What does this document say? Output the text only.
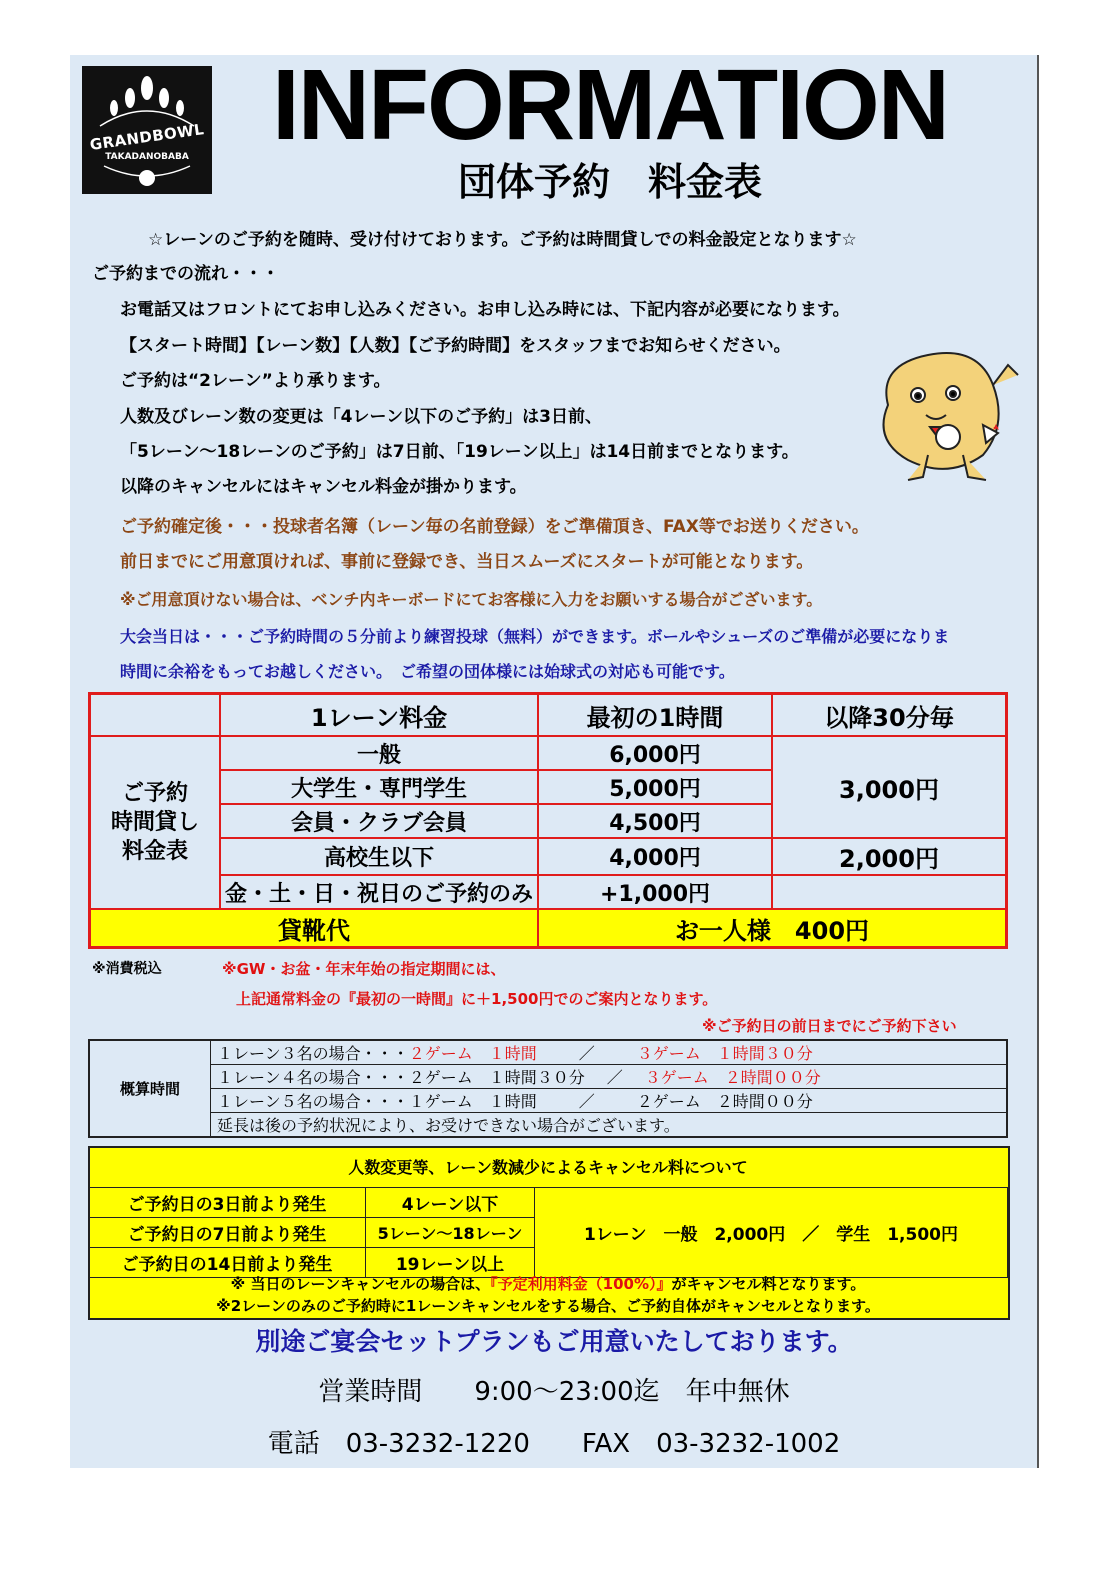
GRANDBOWL
TAKADANOBABA INFORMATION
団体予約　料金表
☆レーンのご予約を随時、受け付けております。ご予約は時間貸しでの料金設定となります☆
ご予約までの流れ・・・
お電話又はフロントにてお申し込みください。お申し込み時には、下記内容が必要になります。
【スタート時間】【レーン数】【人数】【ご予約時間】をスタッフまでお知らせください。
ご予約は“2レーン”より承ります。
人数及びレーン数の変更は「4レーン以下のご予約」は3日前、
「5レーン～18レーンのご予約」は7日前、「19レーン以上」は14日前までとなります。
以降のキャンセルにはキャンセル料金が掛かります。
ご予約確定後・・・投球者名簿（レーン毎の名前登録）をご準備頂き、FAX等でお送りください。
前日までにご用意頂ければ、事前に登録でき、当日スムーズにスタートが可能となります。
※ご用意頂けない場合は、ベンチ内キーボードにてお客様に入力をお願いする場合がございます。
大会当日は・・・ご予約時間の５分前より練習投球（無料）ができます。ボールやシューズのご準備が必要になりま
時間に余裕をもってお越しください。　ご希望の団体様には始球式の対応も可能です。
	1レーン料金	最初の1時間	以降30分毎
ご予約
時間貸し
料金表	一般	6,000円	3,000円
	大学生・専門学生	5,000円	
	会員・クラブ会員	4,500円	
	高校生以下	4,000円	2,000円
	金・土・日・祝日のご予約のみ	+1,000円	
貸靴代		お一人様　400円	
※消費税込	※GW・お盆・年末年始の指定期間には、
上記通常料金の『最初の一時間』に＋1,500円でのご案内となります。
※ご予約日の前日までにご予約下さい
概算時間	１レーン３名の場合・・・２ゲーム　１時間	／	３ゲーム　１時間３０分
１レーン４名の場合・・・２ゲーム　１時間３０分 ／ ３ゲーム　２時間００分
１レーン５名の場合・・・１ゲーム　１時間	／	２ゲーム　２時間００分
延長は後の予約状況により、お受けできない場合がございます。
人数変更等、レーン数減少によるキャンセル料について
ご予約日の3日前より発生	4レーン以下	1レーン　一般　2,000円　／　学生　1,500円
ご予約日の7日前より発生	5レーン～18レーン	
ご予約日の14日前より発生	19レーン以上	
※ 当日のレーンキャンセルの場合は、『予定利用料金（100%）』がキャンセル料となります。
※2レーンのみのご予約時に1レーンキャンセルをする場合、ご予約自体がキャンセルとなります。
別途ご宴会セットプランもご用意いたしております。
営業時間　　9:00～23:00迄　年中無休
電話　03-3232-1220　　FAX　03-3232-1002
